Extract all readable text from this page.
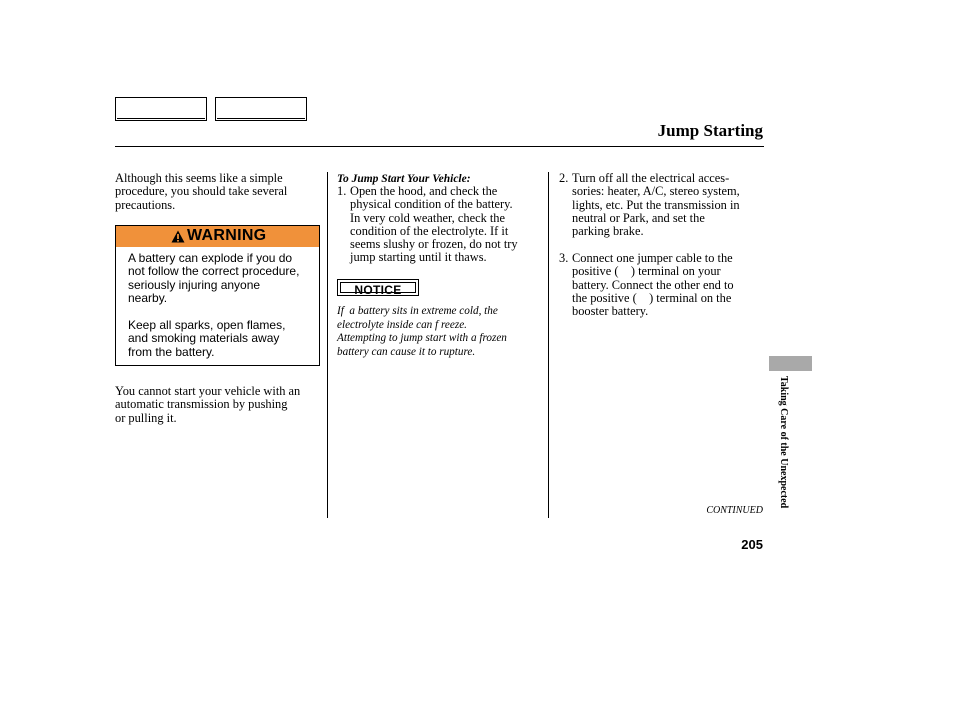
Jump Starting
Although this seems like a simple
procedure, you should take several
precautions.
WARNING
A battery can explode if you do
not follow the correct procedure,
seriously injuring anyone
nearby.
Keep all sparks, open flames,
and smoking materials away
from the battery.
You cannot start your vehicle with an
automatic transmission by pushing
or pulling it.
To Jump Start Your Vehicle:
1. Open the hood, and check the
physical condition of the battery.
In very cold weather, check the
condition of the electrolyte. If it
seems slushy or frozen, do not try
jump starting until it thaws.
NOTICE
If  a battery sits in extreme cold, the
electrolyte inside can f reeze.
Attempting to jump start with a frozen
battery can cause it to rupture.
2. Turn off all the electrical acces-
sories: heater, A/C, stereo system,
lights, etc. Put the transmission in
neutral or Park, and set the
parking brake.
3. Connect one jumper cable to the
positive (    ) terminal on your
battery. Connect the other end to
the positive (    ) terminal on the
booster battery.
Taking Care of the Unexpected
CONTINUED
205
